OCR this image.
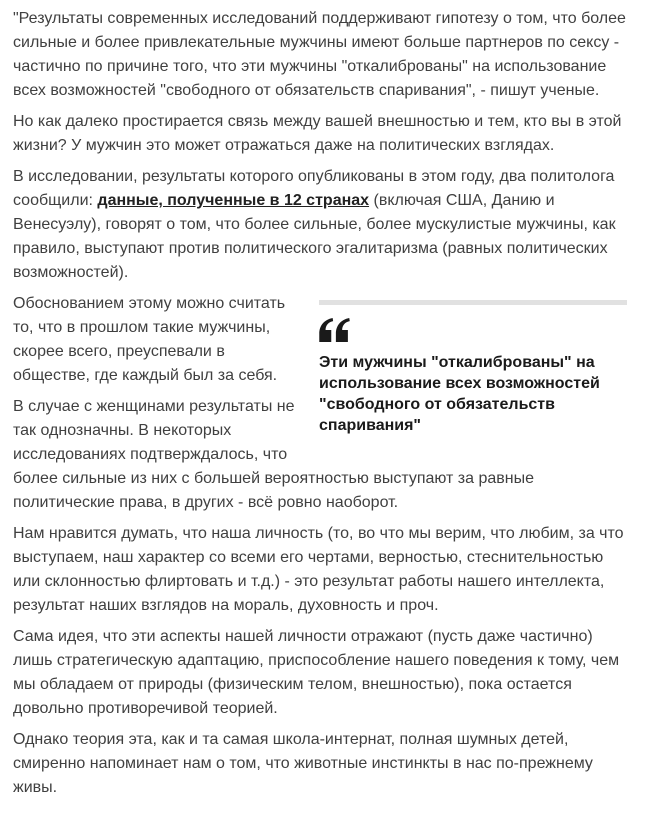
"Результаты современных исследований поддерживают гипотезу о том, что более сильные и более привлекательные мужчины имеют больше партнеров по сексу - частично по причине того, что эти мужчины "откалиброваны" на использование всех возможностей "свободного от обязательств спаривания", - пишут ученые.

Но как далеко простирается связь между вашей внешностью и тем, кто вы в этой жизни? У мужчин это может отражаться даже на политических взглядах.

В исследовании, результаты которого опубликованы в этом году, два политолога сообщили: данные, полученные в 12 странах (включая США, Данию и Венесуэлу), говорят о том, что более сильные, более мускулистые мужчины, как правило, выступают против политического эгалитаризма (равных политических возможностей).

Эти мужчины "откалиброваны" на использование всех возможностей "свободного от обязательств спаривания"

Обоснованием этому можно считать то, что в прошлом такие мужчины, скорее всего, преуспевали в обществе, где каждый был за себя.

В случае с женщинами результаты не так однозначны. В некоторых исследованиях подтверждалось, что более сильные из них с большей вероятностью выступают за равные политические права, в других - всё ровно наоборот.

Нам нравится думать, что наша личность (то, во что мы верим, что любим, за что выступаем, наш характер со всеми его чертами, верностью, стеснительностью или склонностью флиртовать и т.д.) - это результат работы нашего интеллекта, результат наших взглядов на мораль, духовность и проч.

Сама идея, что эти аспекты нашей личности отражают (пусть даже частично) лишь стратегическую адаптацию, приспособление нашего поведения к тому, чем мы обладаем от природы (физическим телом, внешностью), пока остается довольно противоречивой теорией.

Однако теория эта, как и та самая школа-интернат, полная шумных детей, смиренно напоминает нам о том, что животные инстинкты в нас по-прежнему живы.
